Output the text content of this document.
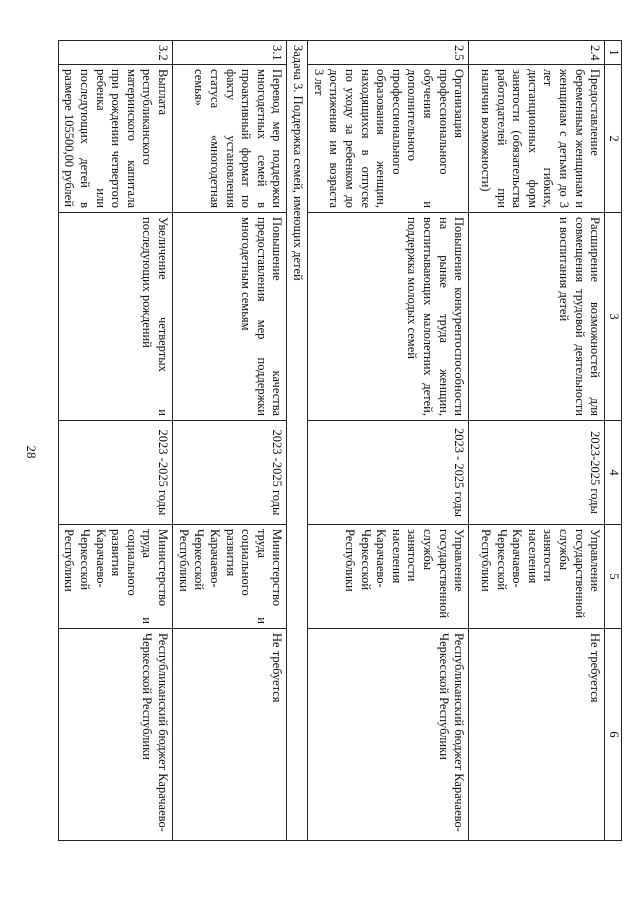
28
1	2	3	4	5	6
2.4	Предоставление беременным женщинам и женщинам с детьми до 3 лет гибких, дистанционных форм занятости (обязательства работодателей при наличии возможности)	Расширение возможностей для совмещения трудовой деятельности и воспитания детей	2023-2025 годы	Управление государственной службы занятости населения Карачаево-Черкесской Республики	Не требуется
2.5	Организация профессионального обучения и дополнительного профессионального образования женщин, находящихся в отпуске по уходу за ребенком до достижения им возраста 3 лет	Повышение конкурентоспособности на рынке труда женщин, воспитывающих малолетних детей, поддержка молодых семей	2023 - 2025 годы	Управление государственной службы занятости населения Карачаево-Черкесской Республики	Республиканский бюджет Карачаево-Черкесской Республики
Задача 3. Поддержка семей, имеющих детей					
3.1	Перевод мер поддержки многодетных семей в проактивный формат по факту установления статуса «многодетная семья»	Повышение качества предоставления мер поддержки многодетным семьям	2023 -2025 годы	Министерство труда и социального развития Карачаево-Черкесской Республики	Не требуется
3.2	Выплата республиканского материнского капитала при рождении четвертого ребенка или последующих детей в размере 105500,00 рублей	Увеличение четвертых и последующих рождений	2023 -2025 годы	Министерство труда и социального развития Карачаево-Черкесской Республики	Республиканский бюджет Карачаево-Черкесской Республики
